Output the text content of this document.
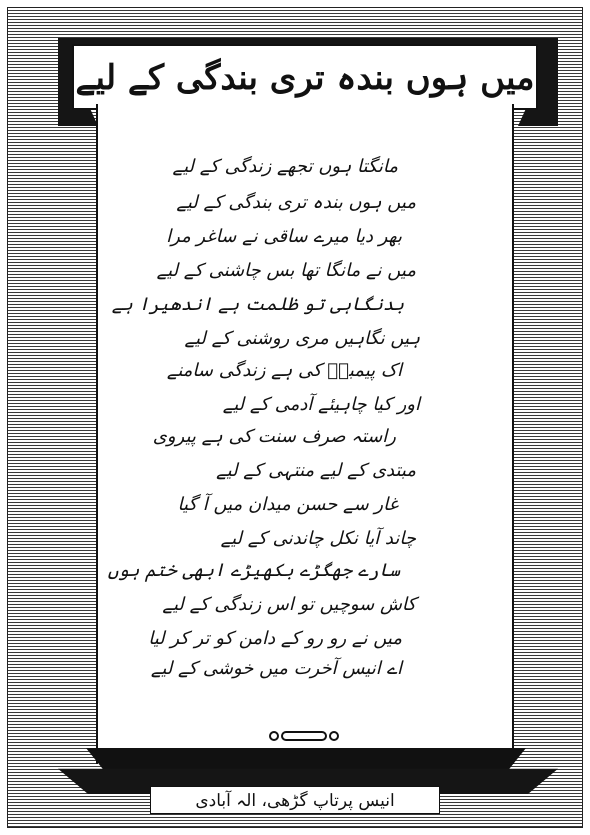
میں ہوں بندہ تری بندگی کے لیے
مانگتا ہوں تجھے زندگی کے لیے
میں ہوں بندہ تری بندگی کے لیے
بھر دیا میرے ساقی نے ساغر مرا
میں نے مانگا تھا بس چاشنی کے لیے
بدنگاہی تو ظلمت ہے اندھیرا ہے
ہیں نگاہیں مری روشنی کے لیے
اک پیمبرؐ کی ہے زندگی سامنے
اور کیا چاہیئے آدمی کے لیے
راستہ صرف سنت کی ہے پیروی
مبتدی کے لیے منتہی کے لیے
غار سے حسن میدان میں آ گیا
چاند آیا نکل چاندنی کے لیے
سارے جھگڑے بکھیڑے ابھی ختم ہوں
کاش سوچیں تو اس زندگی کے لیے
میں نے رو رو کے دامن کو تر کر لیا
اے انیس آخرت میں خوشی کے لیے
انیس پرتاپ گڑھی، الہ آبادی
